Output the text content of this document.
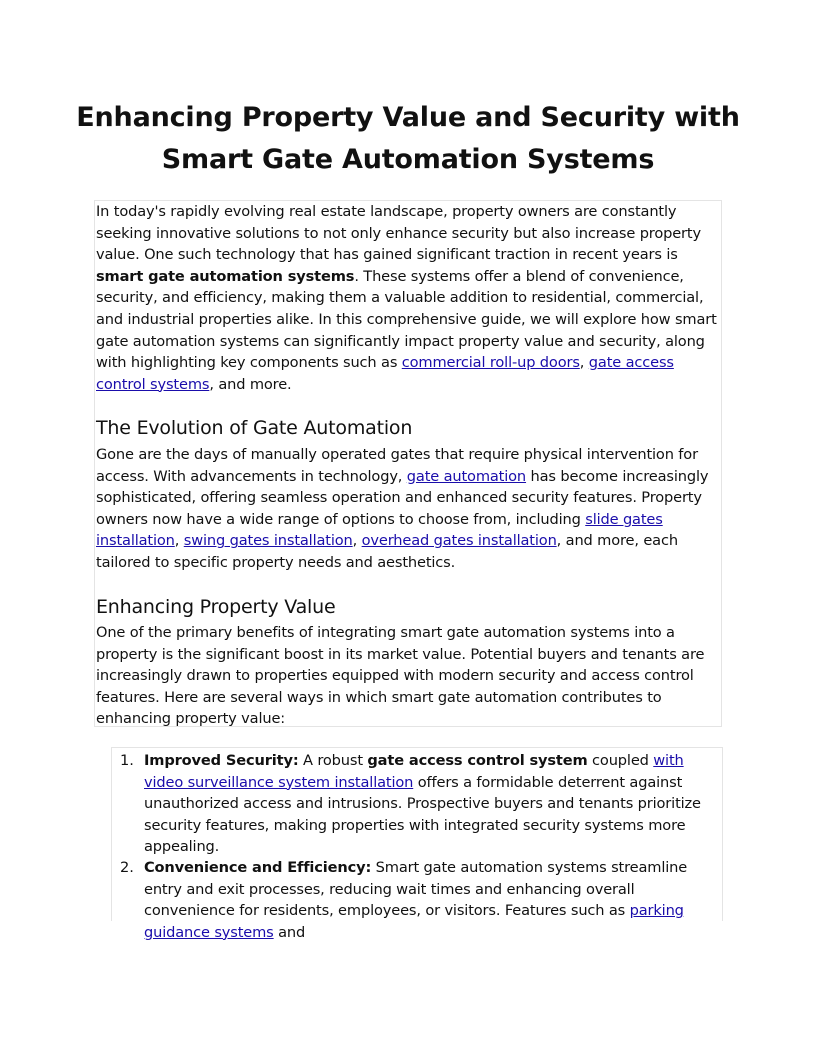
Enhancing Property Value and Security with Smart Gate Automation Systems

In today's rapidly evolving real estate landscape, property owners are constantly seeking innovative solutions to not only enhance security but also increase property value. One such technology that has gained significant traction in recent years is smart gate automation systems. These systems offer a blend of convenience, security, and efficiency, making them a valuable addition to residential, commercial, and industrial properties alike. In this comprehensive guide, we will explore how smart gate automation systems can significantly impact property value and security, along with highlighting key components such as commercial roll-up doors, gate access control systems, and more.

The Evolution of Gate Automation

Gone are the days of manually operated gates that require physical intervention for access. With advancements in technology, gate automation has become increasingly sophisticated, offering seamless operation and enhanced security features. Property owners now have a wide range of options to choose from, including slide gates installation, swing gates installation, overhead gates installation, and more, each tailored to specific property needs and aesthetics.

Enhancing Property Value

One of the primary benefits of integrating smart gate automation systems into a property is the significant boost in its market value. Potential buyers and tenants are increasingly drawn to properties equipped with modern security and access control features. Here are several ways in which smart gate automation contributes to enhancing property value:

1. Improved Security: A robust gate access control system coupled with video surveillance system installation offers a formidable deterrent against unauthorized access and intrusions. Prospective buyers and tenants prioritize security features, making properties with integrated security systems more appealing.

2. Convenience and Efficiency: Smart gate automation systems streamline entry and exit processes, reducing wait times and enhancing overall convenience for residents, employees, or visitors. Features such as parking guidance systems and
